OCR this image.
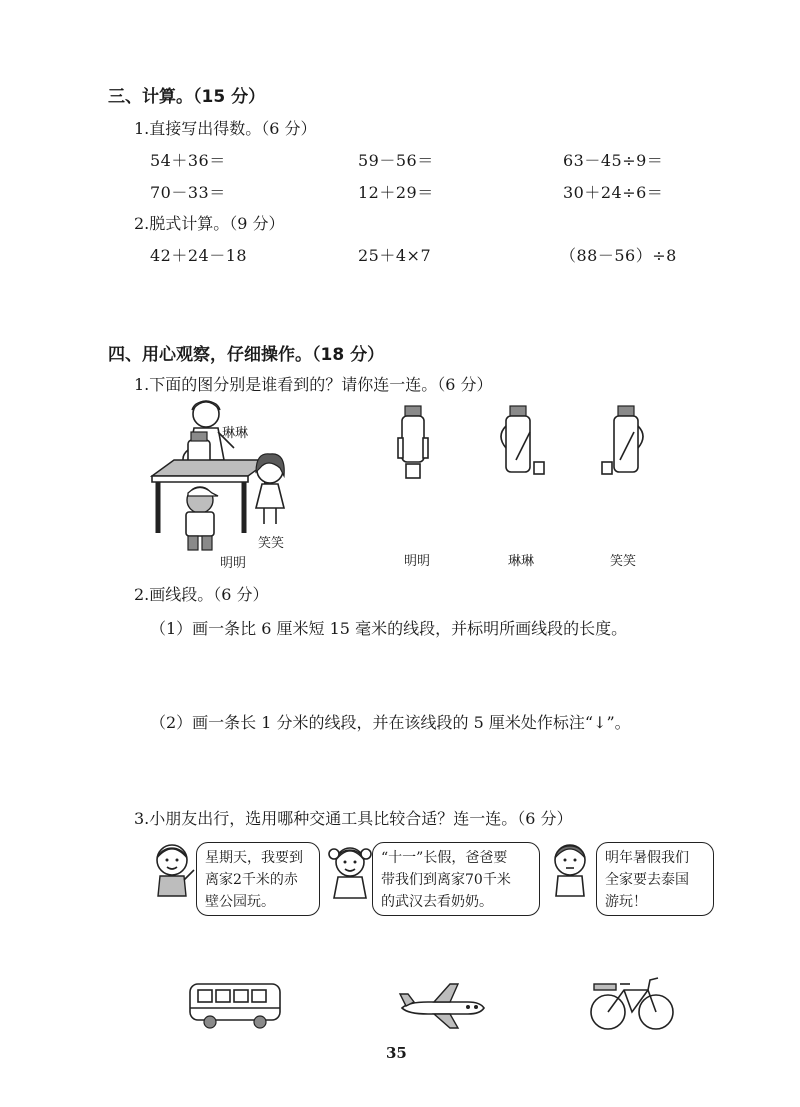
三、计算。（15 分）
1.直接写出得数。（6 分）
54＋36＝	59－56＝	63－45÷9＝
70－33＝	12＋29＝	30＋24÷6＝
2.脱式计算。（9 分）
42＋24－18	25＋4×7	（88－56）÷8
四、用心观察，仔细操作。（18 分）
1.下面的图分别是谁看到的？请你连一连。（6 分）
琳琳
笑笑
明明	明明	琳琳	笑笑
2.画线段。（6 分）
（1）画一条比 6 厘米短 15 毫米的线段，并标明所画线段的长度。
（2）画一条长 1 分米的线段，并在该线段的 5 厘米处作标注“↓”。
3.小朋友出行，选用哪种交通工具比较合适？连一连。（6 分）
星期天，我要到
离家2千米的赤
壁公园玩。
“十一”长假，爸爸要
带我们到离家70千米
的武汉去看奶奶。
明年暑假我们
全家要去泰国
游玩！
35
